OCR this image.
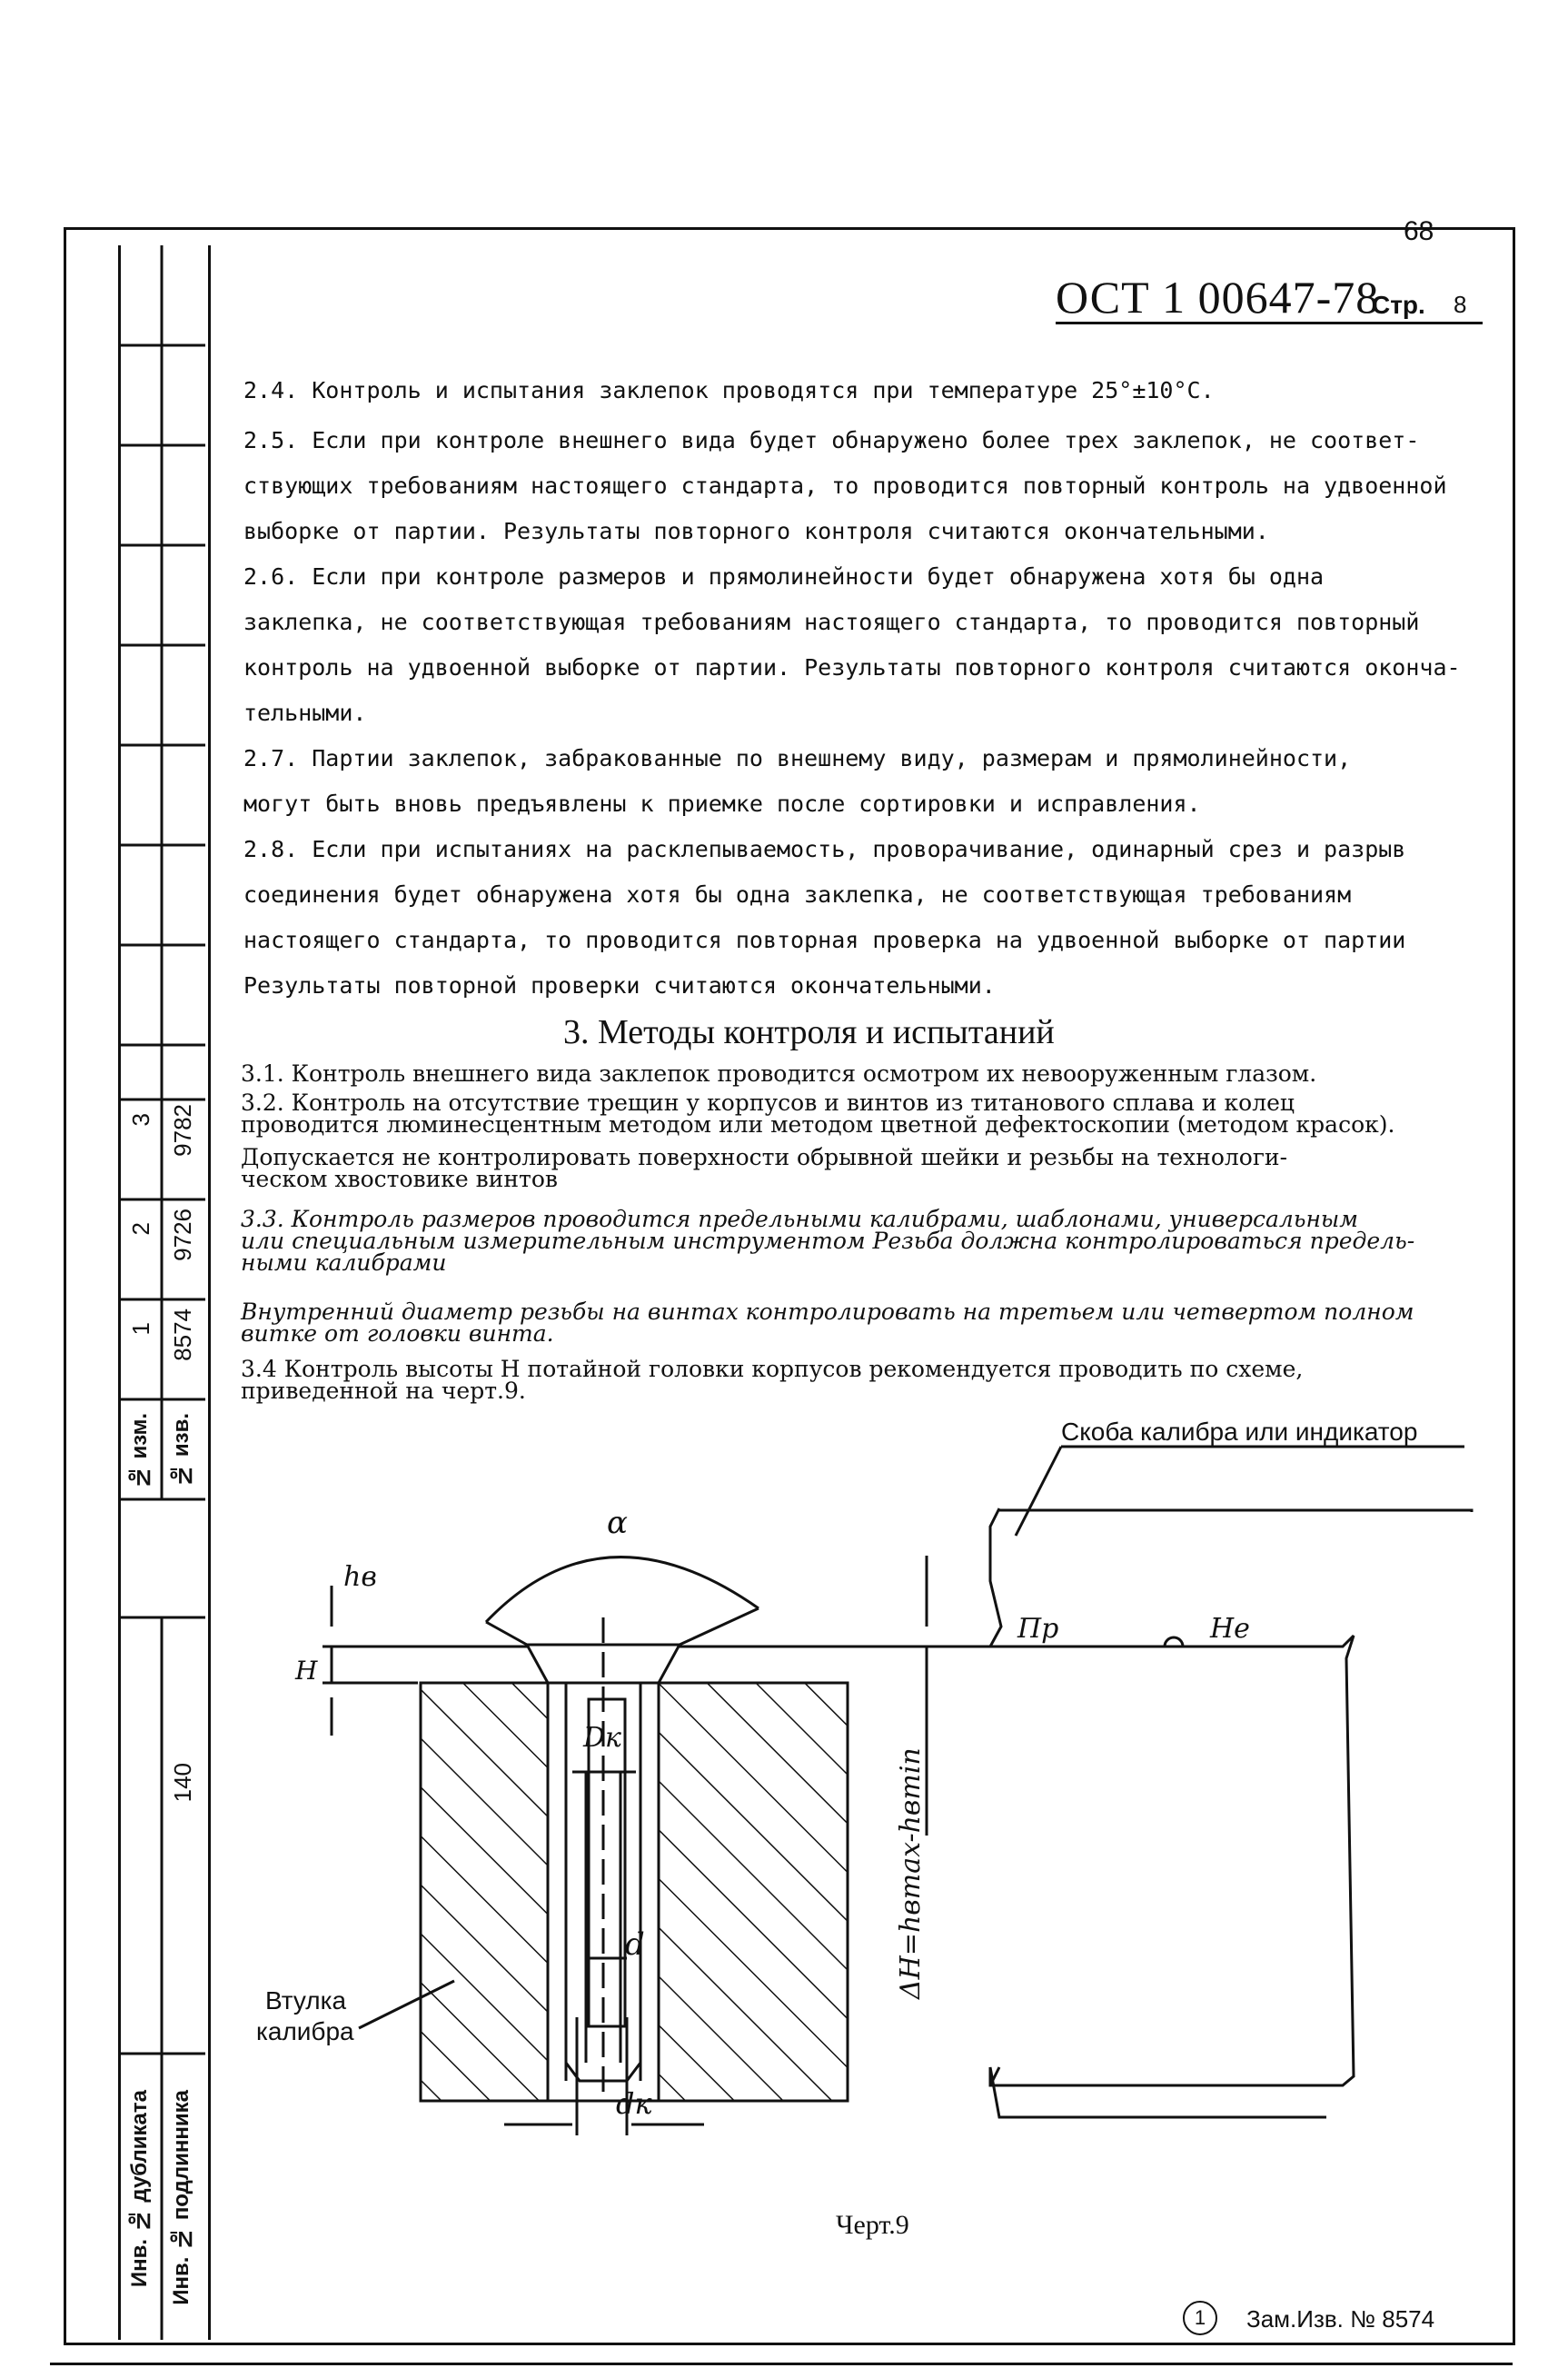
68
ОСТ 1 00647-78
Стр. 8
3 9782
2 9726
1 8574
№ изм. № изв.
140
Инв. № дубликата Инв. № подлинника
2.4. Контроль и испытания заклепок проводятся при температуре 25°±10°С.
2.5. Если при контроле внешнего вида будет обнаружено более трех заклепок, не соответ-
ствующих требованиям настоящего стандарта, то проводится повторный контроль на удвоенной
выборке от партии. Результаты повторного контроля считаются окончательными.
2.6. Если при контроле размеров и прямолинейности будет обнаружена хотя бы одна
заклепка, не соответствующая требованиям настоящего стандарта, то проводится повторный
контроль на удвоенной выборке от партии. Результаты повторного контроля считаются оконча-
тельными.
2.7. Партии заклепок, забракованные по внешнему виду, размерам и прямолинейности,
могут быть вновь предъявлены к приемке после сортировки и исправления.
2.8. Если при испытаниях на расклепываемость, проворачивание, одинарный срез и разрыв
соединения будет обнаружена хотя бы одна заклепка, не соответствующая требованиям
настоящего стандарта, то проводится повторная проверка на удвоенной выборке от партии
Результаты повторной проверки считаются окончательными.
3. Методы контроля и испытаний
3.1. Контроль внешнего вида заклепок проводится осмотром их невооруженным глазом.
3.2. Контроль на отсутствие трещин у корпусов и винтов из титанового сплава и колец
проводится люминесцентным методом или методом цветной дефектоскопии (методом красок).
Допускается не контролировать поверхности обрывной шейки и резьбы на технологи-
ческом хвостовике винтов
3.3. Контроль размеров проводится предельными калибрами, шаблонами, универсальным
или специальным измерительным инструментом Резьба должна контролироваться предель-
ными калибрами
Внутренний диаметр резьбы на винтах контролировать на третьем или четвертом полном
витке от головки винта.
3.4 Контроль высоты Н потайной головки корпусов рекомендуется проводить по схеме,
приведенной на черт.9.
Скоба калибра или индикатор
Втулка
калибра
α
hв
H
Dк
d
dк
Пр	Не
ΔH=hвmax-hвmin
Черт.9
1	Зам.Изв. № 8574
